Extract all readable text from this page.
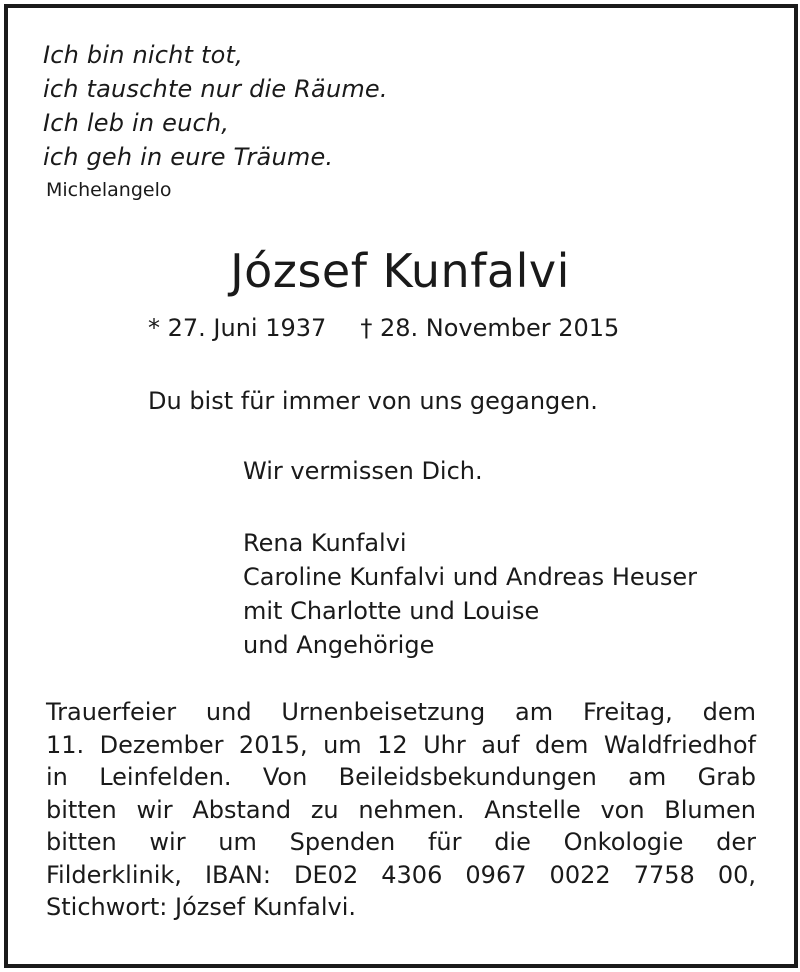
Ich bin nicht tot,
ich tauschte nur die Räume.
Ich leb in euch,
ich geh in eure Träume.
Michelangelo
József Kunfalvi
* 27. Juni 1937 † 28. November 2015
Du bist für immer von uns gegangen.
Wir vermissen Dich.
Rena Kunfalvi
Caroline Kunfalvi und Andreas Heuser
mit Charlotte und Louise
und Angehörige
Trauerfeier und Urnenbeisetzung am Freitag, dem
11. Dezember 2015, um 12 Uhr auf dem Waldfriedhof
in Leinfelden. Von Beileidsbekundungen am Grab
bitten wir Abstand zu nehmen. Anstelle von Blumen
bitten wir um Spenden für die Onkologie der
Filderklinik, IBAN: DE02 4306 0967 0022 7758 00,
Stichwort: József Kunfalvi.
